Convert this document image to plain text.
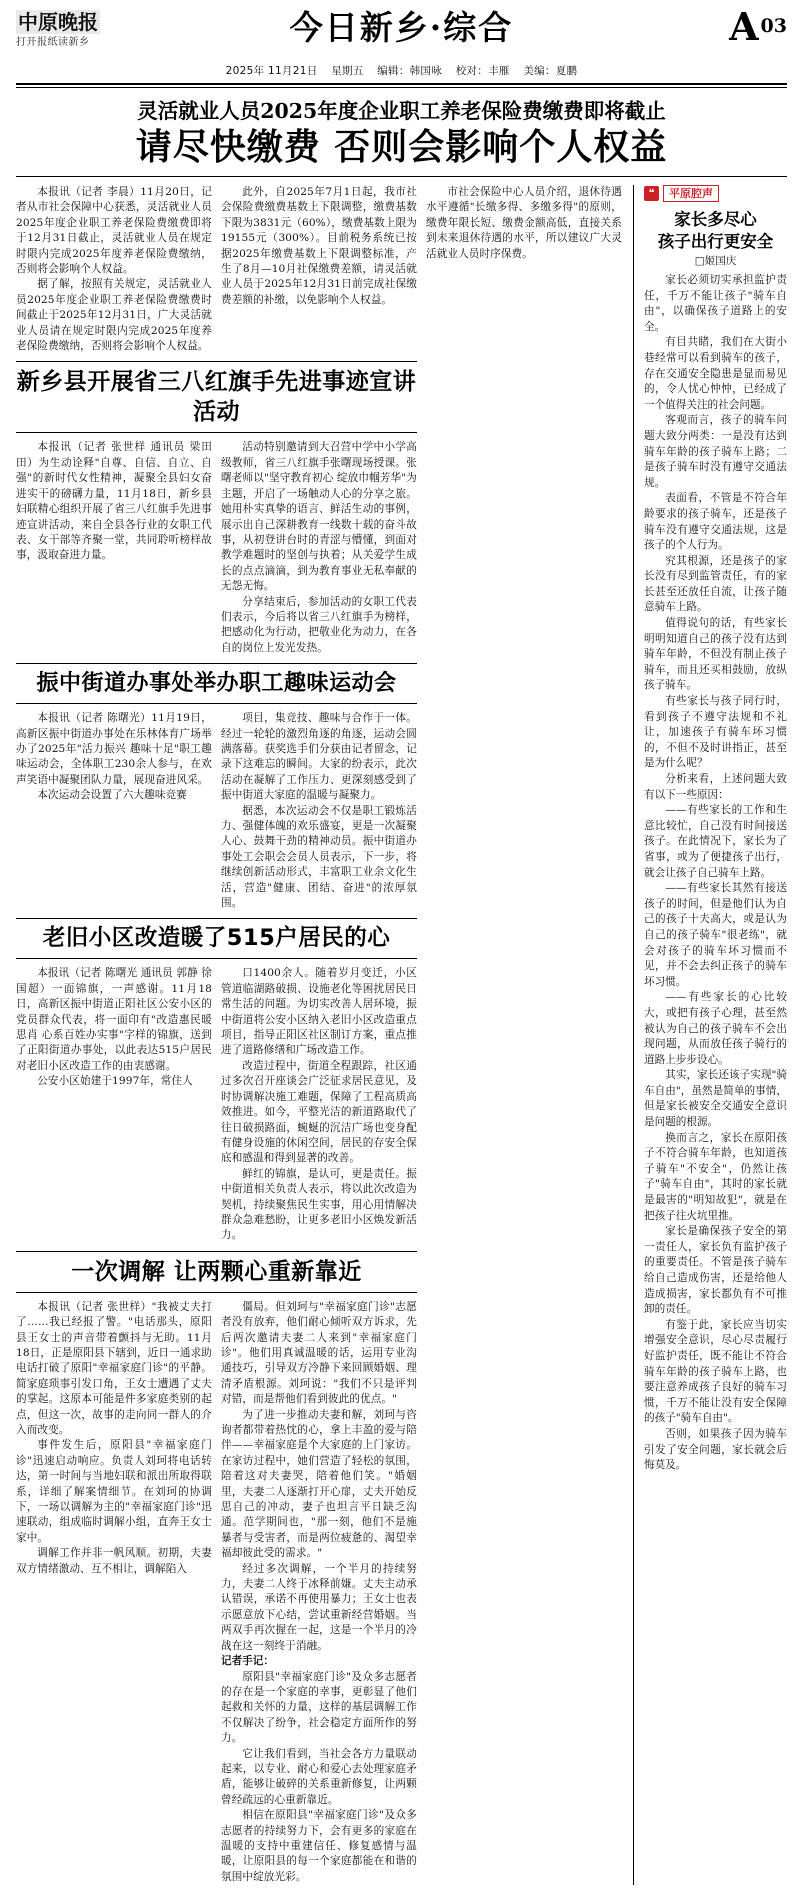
中原晚报
打开报纸读新乡	今日新乡·综合	A 03
2025年 11月21日 星期五 编辑：韩国咏 校对：丰雁 美编：夏鹏
灵活就业人员2025年度企业职工养老保险费缴费即将截止
请尽快缴费 否则会影响个人权益

本报讯（记者 李晨）11月20日，记者从市社会保障中心获悉，灵活就业人员2025年度企业职工养老保险费缴费即将于12月31日截止，灵活就业人员在规定时限内完成2025年度养老保险费缴纳，否则将会影响个人权益。

据了解，按照有关规定，灵活就业人员2025年度企业职工养老保险费缴费时间截止于2025年12月31日，广大灵活就业人员请在规定时限内完成2025年度养老保险费缴纳，否则将会影响个人权益。

此外，自2025年7月1日起，我市社会保险费缴费基数上下限调整，缴费基数下限为3831元（60%），缴费基数上限为19155元（300%）。目前税务系统已按据2025年缴费基数上下限调整标准，产生了8月—10月社保缴费差额，请灵活就业人员于2025年12月31日前完成社保缴费差额的补缴，以免影响个人权益。

市社会保险中心人员介绍，退休待遇水平遵循"长缴多得、多缴多得"的原则，缴费年限长短、缴费金额高低，直接关系到未来退休待遇的水平，所以建议广大灵活就业人员时序保费。

新乡县开展省三八红旗手先进事迹宣讲活动

本报讯（记者 张世样 通讯员 梁田田）为生动诠释"自尊、自信、自立、自强"的新时代女性精神，凝聚全县妇女奋进实干的磅礴力量，11月18日，新乡县妇联精心组织开展了省三八红旗手先进事迹宣讲活动，来自全县各行业的女职工代表、女干部等齐聚一堂，共同聆听榜样故事，汲取奋进力量。

活动特别邀请到大召营中学中小学高级教师，省三八红旗手张曙现场授课。张曙老师以"坚守教育初心 绽放巾帼芳华"为主题，开启了一场触动人心的分享之旅。她用朴实真挚的语言、鲜活生动的事例，展示出自己深耕教育一线数十载的奋斗故事，从初登讲台时的青涩与懵懂，到面对教学难题时的坚创与执着；从关爱学生成长的点点滴滴，到为教育事业无私奉献的无怨无悔。

分享结束后，参加活动的女职工代表们表示，今后将以省三八红旗手为榜样，把感动化为行动，把敬业化为动力，在各自的岗位上发光发热。

振中街道办事处举办职工趣味运动会

本报讯（记者 陈曙光）11月19日，高新区振中街道办事处在乐林体育广场举办了2025年"活力振兴 趣味十足"职工趣味运动会，全体职工230余人参与，在欢声笑语中凝聚团队力量，展现奋进风采。

本次运动会设置了六大趣味竞赛

项目，集竞技、趣味与合作于一体。经过一轮轮的激烈角逐的角逐，运动会圆满落幕。获奖选手们分获由记者留念，记录下这难忘的瞬间。大家的纷表示，此次活动在凝解了工作压力、更深刻感受到了振中街道大家庭的温暖与凝聚力。

据悉，本次运动会不仅是职工锻炼活力、强健体魄的欢乐盛宴，更是一次凝聚人心、鼓舞干劲的精神动员。振中街道办事处工会职会会员人员表示，下一步，将继续创新活动形式，丰富职工业余文化生活，营造"健康、团结、奋进"的浓厚氛围。

老旧小区改造暖了515户居民的心

本报讯（记者 陈曙光 通讯员 郭静 徐国超）一面锦旗，一声感谢。11月18日，高新区振中街道正阳社区公安小区的党员群众代表，将一面印有"改造惠民暖思肖 心系百姓办实事"字样的锦旗，送到了正阳街道办事处，以此表达515户居民对老旧小区改造工作的由衷感谢。

公安小区始建于1997年，常住人

口1400余人。随着岁月变迁，小区管道临湖路破损、设施老化等困扰居民日常生活的问题。为切实改善人居环境，振中街道将公安小区纳入老旧小区改造重点项目，指导正阳区社区制订方案，重点推进了道路修缮和广场改造工作。

改造过程中，街道全程跟踪，社区通过多次召开座谈会广泛征求居民意见，及时协调解决施工难题，保障了工程高质高效推进。如今，平整光洁的新道路取代了往日破损路面，蜿蜒的沉洁广场也变身配有健身设施的休闲空间，居民的存安全保底和感温和得到显著的改善。

鲜红的锦旗，是认可，更是责任。振中街道相关负责人表示，将以此次改造为契机，持续聚焦民生实事，用心用情解决群众急难愁盼，让更多老旧小区焕发新活力。

一次调解 让两颗心重新靠近

本报讯（记者 张世样）"我被丈夫打了……我已经报了警。"电话那头，原阳县王女士的声音带着颤抖与无助。11月18日，正是原阳县下辖到，近日一通求助电话打破了原阳"幸福家庭门诊"的平静。简家庭琐事引发口角，王女士遭遇了丈夫的掌起。这原本可能是件多家庭类别的起点，但这一次，故事的走向同一群人的介入而改变。

事件发生后，原阳县"幸福家庭门诊"迅速启动响应。负责人刘珂将电话转达，第一时间与当地妇联和派出所取得联系，详细了解案情细节。在刘珂的协调下，一场以调解为主的"幸福家庭门诊"迅速联动，组成临时调解小组，直奔王女士家中。

调解工作并非一帆风顺。初期，夫妻双方情绪激动、互不相让，调解陷入

僵局。但刘珂与"幸福家庭门诊"志愿者没有放弃，他们耐心倾听双方诉求，先后两次邀请夫妻二人来到"幸福家庭门诊"。他们用真诚温暖的话，运用专业沟通技巧，引导双方冷静下来回顾婚姻、理清矛盾根源。刘珂说："我们不只是评判对错，而是帮他们看到彼此的优点。"

为了进一步推动夫妻和解，刘珂与咨询者都带着热忱的心，拿上丰盈的爱与陪伴——幸福家庭是个大家庭的上门家访。在家访过程中，她们营造了轻松的氛围，陪着这对夫妻哭，陪着他们笑。"婚姻里，夫妻二人逐渐打开心扉，丈夫开始反思自己的冲动，妻子也坦言平日缺乏沟通。范学期间也，"那一刻，他们不是施暴者与受害者，而是两位疲惫的、渴望幸福却彼此受的需求。"

经过多次调解，一个半月的持续努力，夫妻二人终于冰释前嫌。丈夫主动承认错误，承诺不再使用暴力；王女士也表示愿意放下心结，尝试重新经营婚姻。当两双手再次握在一起，这是一个半月的冷战在这一刻终于消融。

记者手记：

原阳县"幸福家庭门诊"及众多志愿者的存在是一个家庭的幸事，更彰显了他们起救和关怀的力量，这样的基层调解工作不仅解决了纷争，社会稳定方面所作的努力。

它让我们看到，当社会各方力量联动起来，以专业、耐心和爱心去处理家庭矛盾，能够让破碎的关系重新修复，让两颗曾经疏远的心重新靠近。

相信在原阳县"幸福家庭门诊"及众多志愿者的持续努力下，会有更多的家庭在温暖的支持中重建信任、修复感情与温暖，让原阳县的每一个家庭都能在和谐的氛围中绽放光彩。

❝	平原腔声
家长多尽心
孩子出行更安全
□姬国庆

家长必须切实承担监护责任，千万不能让孩子"骑车自由"，以确保孩子道路上的安全。

有目共睹，我们在大街小巷经常可以看到骑车的孩子，存在交通安全隐患是显而易见的，令人忧心忡忡，已经成了一个值得关注的社会问题。

客观而言，孩子的骑车问题大致分两类：一是没有达到骑车年龄的孩子骑车上路；二是孩子骑车时没有遵守交通法规。

表面看，不管是不符合年龄要求的孩子骑车，还是孩子骑车没有遵守交通法规，这是孩子的个人行为。

究其根源，还是孩子的家长没有尽到监管责任，有的家长甚至还放任自流，让孩子随意骑车上路。

值得说句的话，有些家长明明知道自己的孩子没有达到骑车年龄，不但没有制止孩子骑车，而且还买相鼓励，放纵孩子骑车。

有些家长与孩子同行时，看到孩子不遵守法规和不礼让，加速孩子有骑车坏习惯的，不但不及时讲指正，甚至是为什么呢？

分析来看，上述问题大致有以下一些原因：

——有些家长的工作和生意比较忙，自己没有时间接送孩子。在此情况下，家长为了省事，或为了便捷孩子出行，就会让孩子自己骑车上路。

——有些家长其然有接送孩子的时间，但是他们认为自己的孩子十夫高大，或是认为自己的孩子骑车"很老练"，就会对孩子的骑车坏习惯而不见，并不会去纠正孩子的骑车坏习惯。

——有些家长的心比较大，或把有孩子心理，甚至然被认为自己的孩子骑车不会出现问题，从而放任孩子骑行的道路上步步设心。

其实，家长还该子实现"骑车自由"，虽然是简单的事情，但是家长被安全交通安全意识是问题的根源。

换而言之，家长在原阳孩子不符合骑车年龄，也知道孩子骑车"不安全"，仍然让孩子"骑车自由"，其时的家长就是最害的"明知故犯"，就是在把孩子往火坑里推。

家长是确保孩子安全的第一责任人，家长负有监护孩子的重要责任。不管是孩子骑车给自己造成伤害，还是给他人造成损害，家长都负有不可推卸的责任。

有鉴于此，家长应当切实增强安全意识，尽心尽责履行好监护责任，既不能让不符合骑车年龄的孩子骑车上路，也要注意养成孩子良好的骑车习惯，千万不能让没有安全保障的孩子"骑车自由"。

否则，如果孩子因为骑车引发了安全问题，家长就会后悔莫及。
